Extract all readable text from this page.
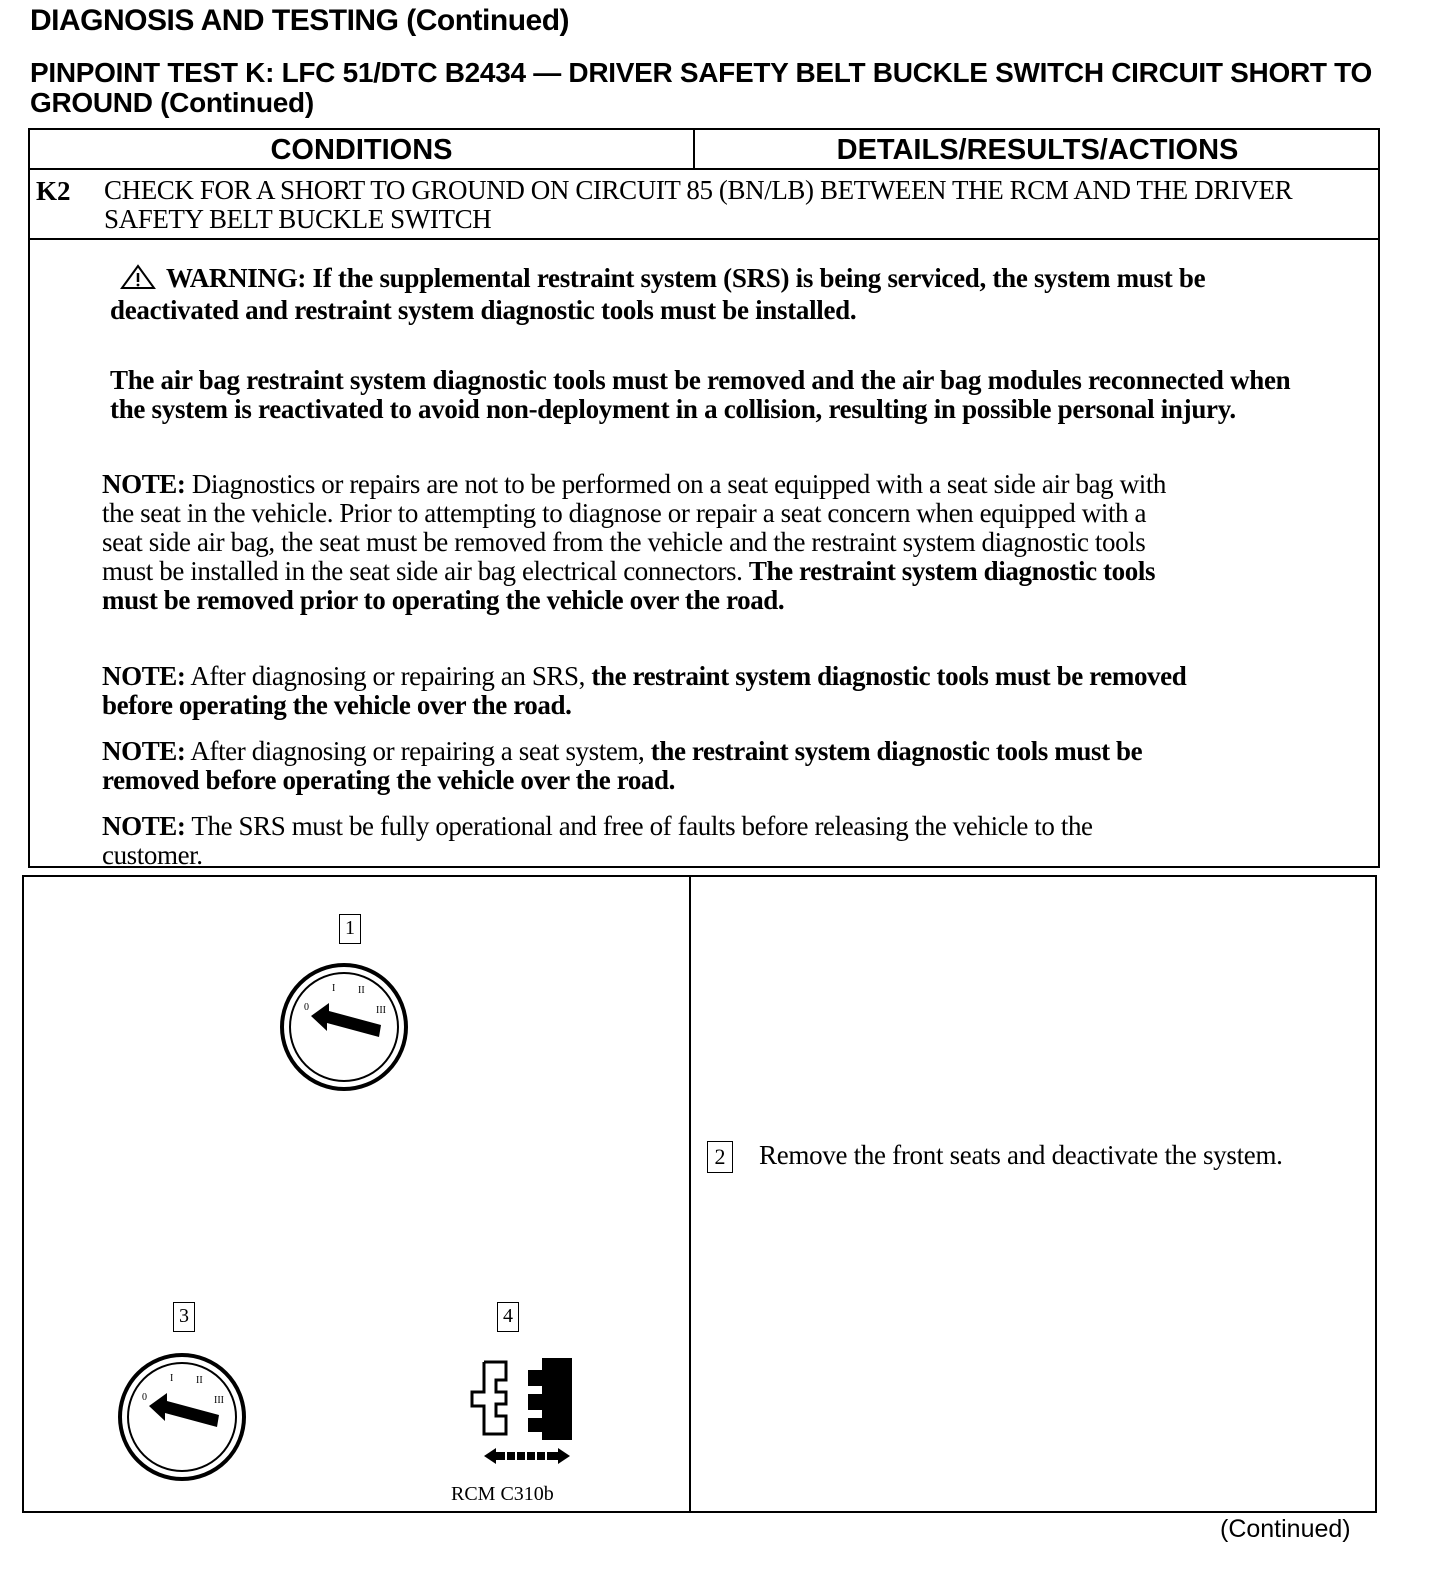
DIAGNOSIS AND TESTING (Continued)
PINPOINT TEST K: LFC 51/DTC B2434 — DRIVER SAFETY BELT BUCKLE SWITCH CIRCUIT SHORT TO GROUND (Continued)
CONDITIONS	DETAILS/RESULTS/ACTIONS
K2 CHECK FOR A SHORT TO GROUND ON CIRCUIT 85 (BN/LB) BETWEEN THE RCM AND THE DRIVER SAFETY BELT BUCKLE SWITCH
WARNING: If the supplemental restraint system (SRS) is being serviced, the system must be deactivated and restraint system diagnostic tools must be installed.
The air bag restraint system diagnostic tools must be removed and the air bag modules reconnected when the system is reactivated to avoid non-deployment in a collision, resulting in possible personal injury.
NOTE: Diagnostics or repairs are not to be performed on a seat equipped with a seat side air bag with the seat in the vehicle. Prior to attempting to diagnose or repair a seat concern when equipped with a seat side air bag, the seat must be removed from the vehicle and the restraint system diagnostic tools must be installed in the seat side air bag electrical connectors. The restraint system diagnostic tools must be removed prior to operating the vehicle over the road.
NOTE: After diagnosing or repairing an SRS, the restraint system diagnostic tools must be removed before operating the vehicle over the road.
NOTE: After diagnosing or repairing a seat system, the restraint system diagnostic tools must be removed before operating the vehicle over the road.
NOTE: The SRS must be fully operational and free of faults before releasing the vehicle to the customer.
1
0
I II
III
3
0
I II
III
4
RCM C310b
2 Remove the front seats and deactivate the system.
(Continued)
